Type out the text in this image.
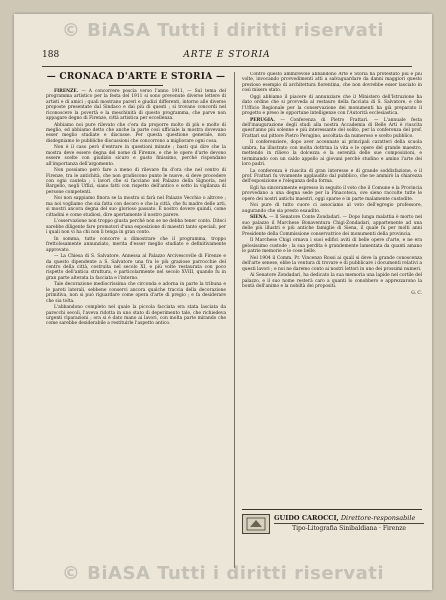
© BiASA Tutti i diritti riservati
188	ARTE E STORIA
— CRONACA D'ARTE E STORIA —

FIRENZE. — A concorrere poscia verso l'anno 1911, — Sul tema del programma artistico per la festa del 1911 si sono prevenute diverse lettere di artisti e di amici ; quali mostrano pareri e giudizi differenti, intorno alle diverse proposte presentate dal Sindaco e dai più di questi ; si trovano concordi nel riconoscere la povertà e la meschinità di questo programma, che parve non appagare degno di Firenze, città artistica per eccellenza.

Abbiamo noi pure rilevato che c'era da proporre molto di più e molto di meglio, ed abbiamo detto che anche la parte così ufficiale la mostra dovevano esser meglio studiate e discusse. Per questa questione generale, non disdegniamo le pubbliche discussioni che concorrono a migliorare ogni cosa.

Non è il caso però d'entrare in questioni minute ; basti qui dire che la mostra deve essere degna del nome di Firenze, e che le opere d'arte devono essere scelte con giudizio sicuro e gusto finissimo, perché rispondano all'importanza dell'argomento.

Non possiamo però fare a meno di rilevare fin d'ora che nel centro di Firenze, tra le antichità, che non gradiscono punto le nuove, si deve procedere con ogni cautela ; i lavori che si facciano nel Palazzo della Signoria, nel Bargello, negli Uffizi, siano fatti con rispetto dell'antico e sotto la vigilanza di persone competenti.

Noi non sappiamo finora se la mostra si farà nel Palazzo Vecchio o altrove ; ma noi vogliamo che sia fatta con decoro e che la città, che fu madre delle arti, si mostri ancora degna del suo glorioso passato. È nostro dovere quindi, come cittadini e come studiosi, dire apertamente il nostro parere.

L'osservazione non troppo giusta perchè non se ne debba tener conto. Diteci sarebbe diligente fare promotori d'una esposizione di maestri tanto speciali, per i quali non vi ha chi non li tenga in gran conto.

In somma, tutto concorre a dimostrare che il programma, troppo frettolosamente annunziato, merita d'esser meglio studiato e definitivamente approvato.

— La Chiesa di S. Salvatore. Annessa al Palazzo Arcivescovile di Firenze e da questo dipendente a S. Salvatore una fra le più graziose parrocchie del centro della città, costruita nel secolo XI, e più volte restaurata con poco rispetto dell'antica struttura, e particolarmente nel secolo XVIII, quando fu in gran parte alterata la facciata e l'interno.

Tale decorazione mediocrissima che circonda e adorna in parte la tribuna e le pareti laterali, sebbene conservi ancora qualche traccia della decorazione primitiva, non si può riguardare come opera d'arte di pregio ; e fa desiderare che sia tolta.

L'abbandono completo nel quale la piccola facciata era stata lasciata da parecchi secoli, l'aveva ridotta in uno stato di deperimento tale, che richiedeva urgenti riparazioni ; ora si è dato mano ai lavori, con molta parte mirando che come sarebbe desiderabile a restituirle l'aspetto antico.

Contro questo ammirevole abbandono Arte e Storia ha protestato più e più volte, invocando provvedimenti atti a salvaguardare da danni maggiori questo prezioso esempio di architettura fiorentina, che non dovrebbe esser lasciato in così misero stato.

Oggi abbiamo il piacere di annunziare che il Ministero dell'Istruzione ha dato ordine che si provveda al restauro della facciata di S. Salvatore, e che l'Ufficio Regionale per la conservazione dei monumenti ha già preparato il progetto e preso le opportune intelligenze con l'Autorità ecclesiastica.

PERUGIA. — Conferenza di Pietro Frattari. — L'annuale festa dell'inaugurazione degli studi alla nostra Accademia di Belle Arti è riuscita quest'anno più solenne e più interessante del solito, per la conferenza del prof. Frattari sul pittore Pietro Perugino, ascoltata da numeroso e scelto pubblico.

Il conferenziere, dopo aver accennato ai principali caratteri della scuola umbra, ha illustrato con molta dottrina la vita e le opere del grande maestro, mettendo in rilievo la dolcezza e la serenità delle sue composizioni, e terminando con un caldo appello ai giovani perchè studino e amino l'arte dei loro padri.

La conferenza è riuscita di gran interesse e di grande soddisfazione, e il prof. Frattari fu vivamente applaudito dal pubblico, che ne ammirò la chiarezza dell'esposizione e l'eleganza della forma.

Egli ha sinceramente espresso in seguito il voto che il Comune e la Provincia provvedano a una degna sede per la Pinacoteca, ove sieno raccolte tutte le opere dei nostri antichi maestri, oggi sparse e in parte malamente custodite.

Noi pure di tutto cuore ci associamo al voto dell'egregio professore, augurando che sia presto esaudito.

SIENA. — Il Senatore Conte Zondadari. — Dopo lunga malattia è morto nel suo palazzo il Marchese Bonaventura Chigi-Zondadari, appartenente ad una delle più illustri e più antiche famiglie di Siena, il quale fu per molti anni Presidente della Commissione conservatrice dei monumenti della provincia.

Il Marchese Chigi ornava i suoi edifici aviti di belle opere d'arte, e ne era gelosissimo custode ; la sua perdita è grandemente lamentata da quanti amano le patrie memorie e le cose belle.

Nel 1904 il Comm. Pr. Vincenzo Rossi ai quali si deve la grande conoscenza dell'arte senese, ebbe la ventura di trovare e di pubblicare i documenti relativi a questi lavori ; e noi ne daremo conto ai nostri lettori in uno dei prossimi numeri.

Ai Senatore Zondadari, ha dedicato la sua memoria una lapide nel cortile del palazzo, e il suo nome resterà caro a quanti lo conobbero e apprezzarono la bontà dell'animo e la nobiltà dei propositi.

G. C.

GUIDO CAROCCI, Direttore-responsabile
Tipo-Litografia Sinibaldiana · Firenze
© BiASA Tutti i diritti riservati
